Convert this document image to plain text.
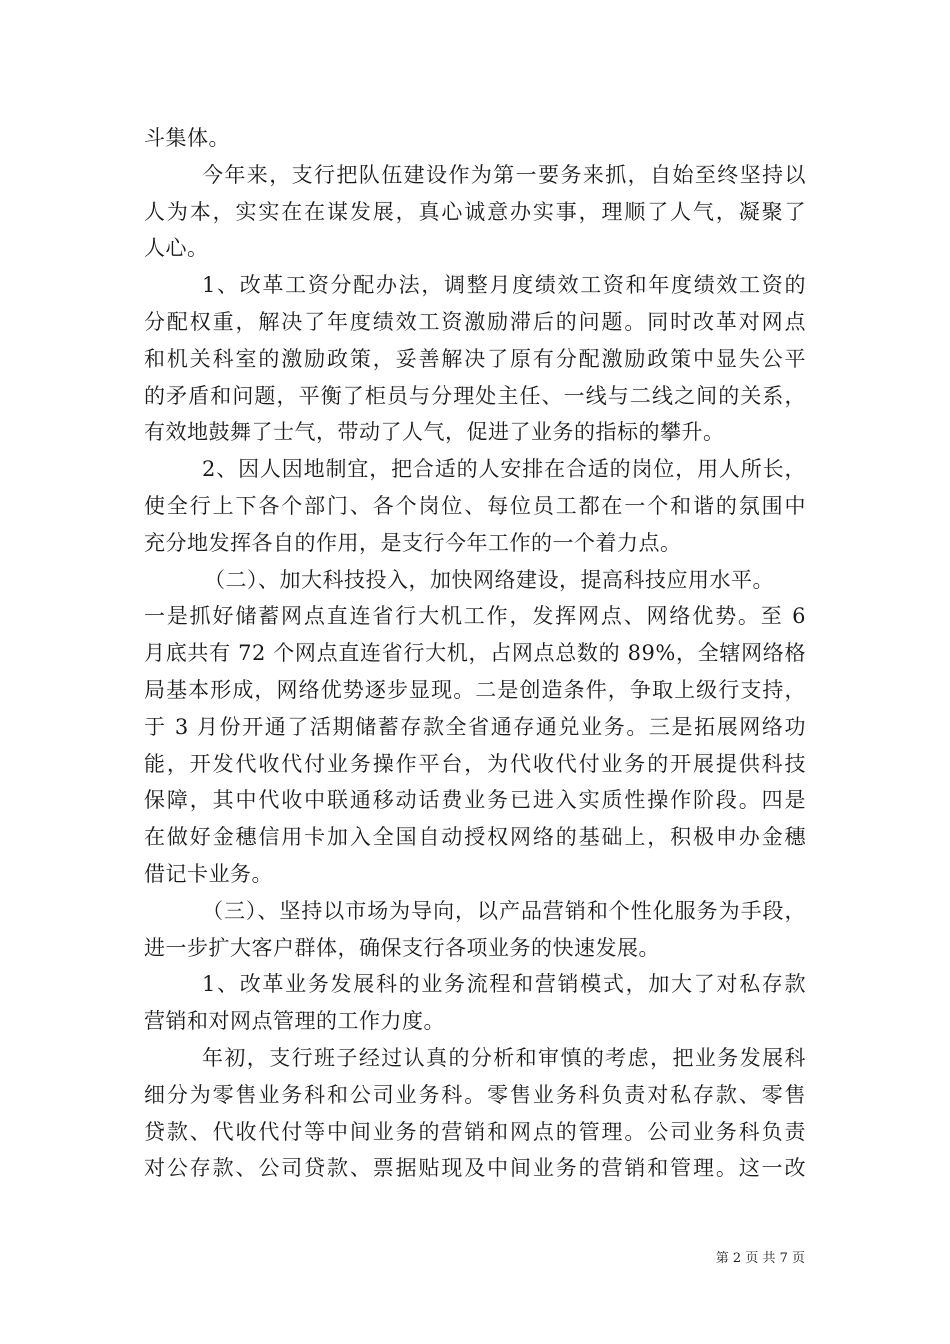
斗集体。
今年来，支行把队伍建设作为第一要务来抓，自始至终坚持以
人为本，实实在在谋发展，真心诚意办实事，理顺了人气，凝聚了
人心。
1、改革工资分配办法，调整月度绩效工资和年度绩效工资的
分配权重，解决了年度绩效工资激励滞后的问题。同时改革对网点
和机关科室的激励政策，妥善解决了原有分配激励政策中显失公平
的矛盾和问题，平衡了柜员与分理处主任、一线与二线之间的关系，
有效地鼓舞了士气，带动了人气，促进了业务的指标的攀升。
2、因人因地制宜，把合适的人安排在合适的岗位，用人所长，
使全行上下各个部门、各个岗位、每位员工都在一个和谐的氛围中
充分地发挥各自的作用，是支行今年工作的一个着力点。
（二）、加大科技投入，加快网络建设，提高科技应用水平。
一是抓好储蓄网点直连省行大机工作，发挥网点、网络优势。至 6
月底共有 72 个网点直连省行大机，占网点总数的 89%，全辖网络格
局基本形成，网络优势逐步显现。二是创造条件，争取上级行支持，
于 3 月份开通了活期储蓄存款全省通存通兑业务。三是拓展网络功
能，开发代收代付业务操作平台，为代收代付业务的开展提供科技
保障，其中代收中联通移动话费业务已进入实质性操作阶段。四是
在做好金穗信用卡加入全国自动授权网络的基础上，积极申办金穗
借记卡业务。
（三）、坚持以市场为导向，以产品营销和个性化服务为手段，
进一步扩大客户群体，确保支行各项业务的快速发展。
1、改革业务发展科的业务流程和营销模式，加大了对私存款
营销和对网点管理的工作力度。
年初，支行班子经过认真的分析和审慎的考虑，把业务发展科
细分为零售业务科和公司业务科。零售业务科负责对私存款、零售
贷款、代收代付等中间业务的营销和网点的管理。公司业务科负责
对公存款、公司贷款、票据贴现及中间业务的营销和管理。这一改
第 2 页 共 7 页
